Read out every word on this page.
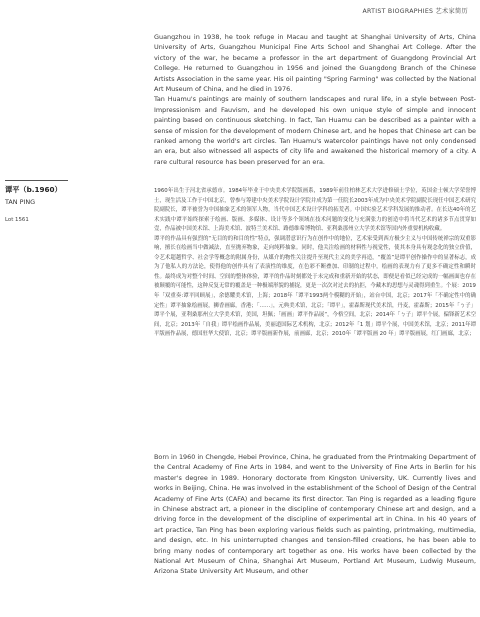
ARTIST BIOGRAPHIES 艺术家简历

Guangzhou in 1938, he took refuge in Macau and taught at Shanghai University of Arts, China University of Arts, Guangzhou Municipal Fine Arts School and Shanghai Art College. After the victory of the war, he became a professor in the art department of Guangdong Provincial Art College. He returned to Guangzhou in 1956 and joined the Guangdong Branch of the Chinese Artists Association in the same year. His oil painting "Spring Farming" was collected by the National Art Museum of China, and he died in 1976.

Tan Huamu's paintings are mainly of southern landscapes and rural life, in a style between Post-Impressionism and Fauvism, and he developed his own unique style of simple and innocent painting based on continuous sketching. In fact, Tan Huamu can be described as a painter with a sense of mission for the development of modern Chinese art, and he hopes that Chinese art can be ranked among the world's art circles. Tan Huamu's watercolor paintings have not only condensed an era, but also witnessed all aspects of city life and awakened the historical memory of a city. A rare cultural resource has been preserved for an era.

谭平（b.1960）
TAN PING
Lot 1561

1960年出生于河北省承德市。1984年毕业于中央美术学院版画系，1989年前往柏林艺术大学进修硕士学位，英国金士顿大学荣誉博士，现生活及工作于中国北京，曾参与筹建中央美术学院设计学院并成为第一任院长2003年成为中央美术学院副院长现任中国艺术研究院副院长，谭平被誉为中国抽象艺术的领军人物，当代中国艺术设计学科的拓荒者。中国实验艺术学科发展的推动者。在长达40年的艺术实践中谭平始终探索于绘画、版画、多媒体、设计等多个领域在技术问题的变化与充满张力的创造中将当代艺术的诸多节点贯穿如壹，作品被中国美术馆、上海美术馆、波特兰美术馆、路德维希博物馆、亚利桑那州立大学美术馆等国内外重要机构收藏。

谭平的作品具有强烈的“无目的的和目的性”特点，强调潜意识行为在创作中的地位，艺术家受到西方极少主义与中国传统禅宗的双重影响，擅长在绘画当中做减法，直至抛弃物象，走向纯粹抽象。同时，他关注绘画的材料性与视觉性，使其本身具有观念化的独立价值，令艺术超越哲学、社会学等概念的附属身份，从媒介的物性关注提升至现代主义的美学再造，“覆盖”是谭平创作操作中的显著标志，成为了他私人的方法论，使得他的创作具有了表演性的维度，在色彩不断叠加、印制的过程中，绘画的表现力有了更多不确定性和瞬时性。最终成为对整个时间、空间的整体体验，谭平的作品时刻都处于未完成和重新开始的状态，即便是看似已经完成的一幅画面也存在被颠覆的可能性，这种反复无常的覆盖是一种极端形貌的捕捉，更是一次次对过去的抗拒，今藏木的思想与灵魂得到重生。个展：2019年「双重奏:谭平回顾展」，余德耀美术馆，上海；2018年「谭平1993两个模糊的开始」，站台中国，北京；2017年「不确定性中的确定性」谭平抽象绘画展，狮香画廊，香港；「……」，元典美术馆，北京；「谭平」，霍森斯现代美术馆，丹麦，霍森斯；2015年「ㄅ子」谭平个展，亚利桑那州立大学美术馆，美国，坦佩；「画画」谭平作品展“，今格空间，北京；2014年「ㄅ子」谭平个展，偏锋新艺术空间，北京；2013年「自我」谭平绘画作品展，美丽道国际艺术机构，北京；2012年「1 划」谭平个展，中国美术馆，北京；2011年谭平版画作品展，德国驻华大使馆，北京；谭平版画新作展，前画廊，北京；2010年「谭平版画 20 年」谭平版画展，红门画廊，北京；

Born in 1960 in Chengde, Hebei Province, China, he graduated from the Printmaking Department of the Central Academy of Fine Arts in 1984, and went to the University of Fine Arts in Berlin for his master's degree in 1989. Honorary doctorate from Kingston University, UK. Currently lives and works in Beijing, China. He was involved in the establishment of the School of Design of the Central Academy of Fine Arts (CAFA) and became its first director. Tan Ping is regarded as a leading figure in Chinese abstract art, a pioneer in the discipline of contemporary Chinese art and design, and a driving force in the development of the discipline of experimental art in China. In his 40 years of art practice, Tan Ping has been exploring various fields such as painting, printmaking, multimedia, and design, etc. In his uninterrupted changes and tension-filled creations, he has been able to bring many nodes of contemporary art together as one. His works have been collected by the National Art Museum of China, Shanghai Art Museum, Portland Art Museum, Ludwig Museum, Arizona State University Art Museum, and other
